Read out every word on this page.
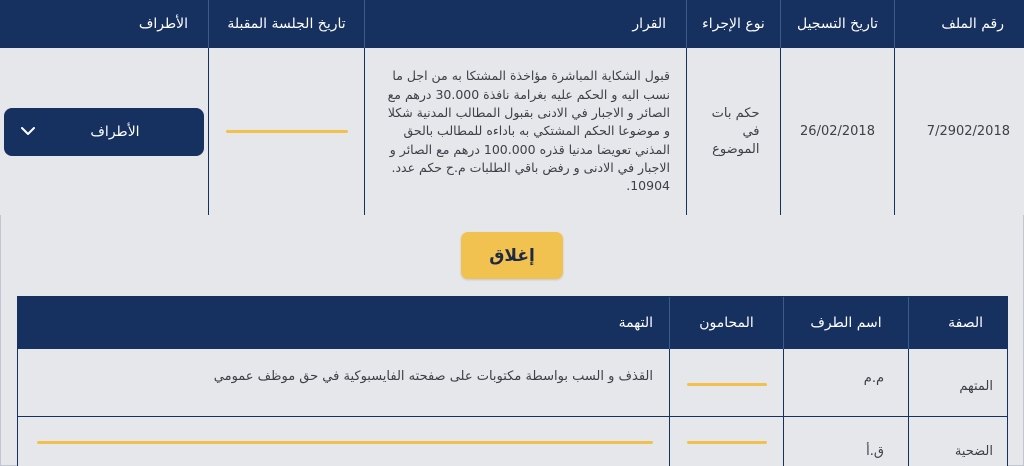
رقم الملف
تاريخ التسجيل
نوع الإجراء
القرار
تاريخ الجلسة المقبلة
الأطراف
7/2902/2018
26/02/2018
حكم بات في الموضوع
قبول الشكاية المباشرة مؤاخذة المشتكا به من اجل ما نسب اليه و الحكم عليه بغرامة نافذة 30.000 درهم مع الصائر و الاجبار في الادنى بقبول المطالب المدنية شكلا و موضوعا الحكم المشتكي به باداءه للمطالب بالحق المذني تعويضا مدنيا قذره 100.000 درهم مع الصائر و الاجبار في الادنى و رفض باقي الطلبات م.ح حكم عدد. 10904.
الأطراف
إغلاق
الصفة
اسم الطرف
المحامون
التهمة
المتهم
م.م
القذف و السب بواسطة مكتوبات على صفحته الفايسبوكية في حق موظف عمومي
الضحية
ق.أ
